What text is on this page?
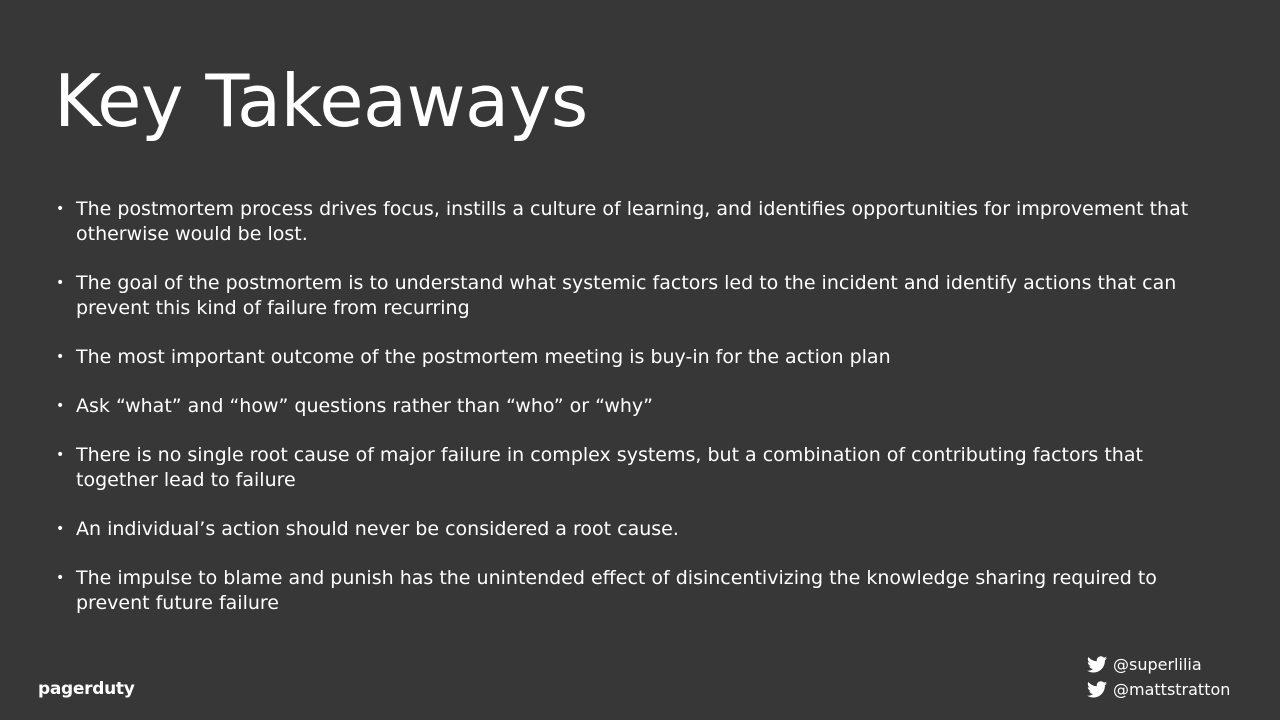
Key Takeaways
• The postmortem process drives focus, instills a culture of learning, and identifies opportunities for improvement that otherwise would be lost.
• The goal of the postmortem is to understand what systemic factors led to the incident and identify actions that can prevent this kind of failure from recurring
• The most important outcome of the postmortem meeting is buy-in for the action plan
• Ask “what” and “how” questions rather than “who” or “why”
• There is no single root cause of major failure in complex systems, but a combination of contributing factors that together lead to failure
• An individual’s action should never be considered a root cause.
• The impulse to blame and punish has the unintended effect of disincentivizing the knowledge sharing required to prevent future failure
pagerduty
@superlilia
@mattstratton
